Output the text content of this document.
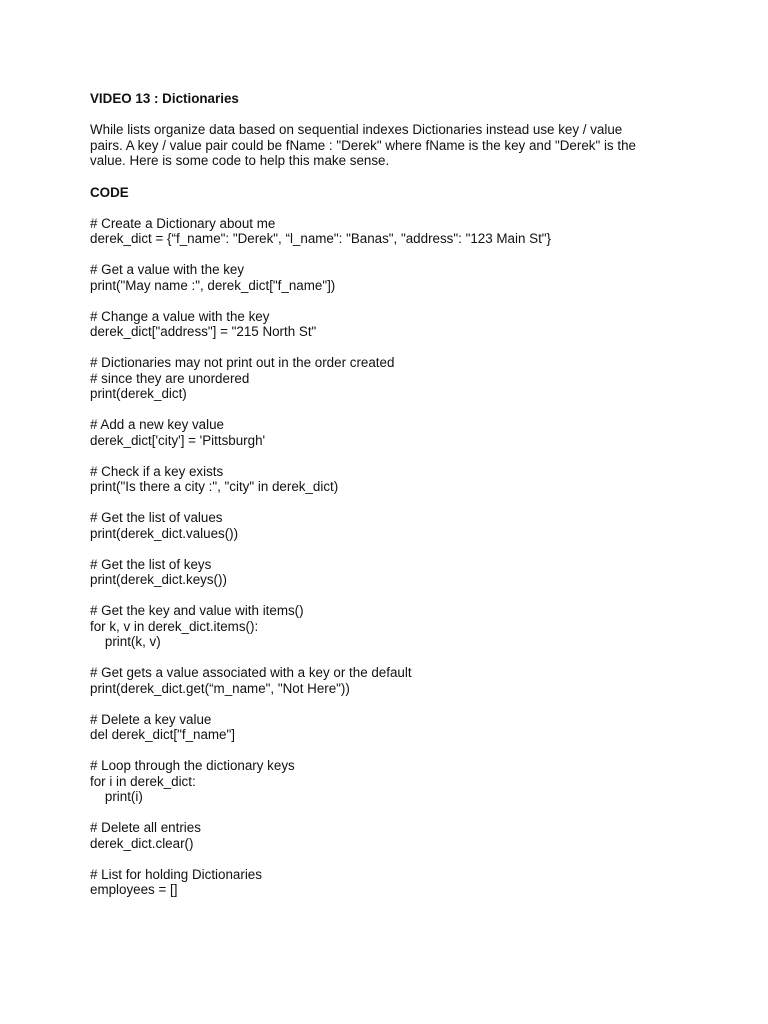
VIDEO 13 : Dictionaries
While lists organize data based on sequential indexes Dictionaries instead use key / value
pairs. A key / value pair could be fName : "Derek" where fName is the key and "Derek" is the
value. Here is some code to help this make sense.
CODE
# Create a Dictionary about me
derek_dict = {“f_name": "Derek", “l_name": "Banas", "address": "123 Main St"}
# Get a value with the key
print("May name :", derek_dict["f_name"])
# Change a value with the key
derek_dict["address"] = "215 North St"
# Dictionaries may not print out in the order created
# since they are unordered
print(derek_dict)
# Add a new key value
derek_dict['city'] = 'Pittsburgh'
# Check if a key exists
print("Is there a city :", "city" in derek_dict)
# Get the list of values
print(derek_dict.values())
# Get the list of keys
print(derek_dict.keys())
# Get the key and value with items()
for k, v in derek_dict.items():
print(k, v)
# Get gets a value associated with a key or the default
print(derek_dict.get(“m_name", "Not Here"))
# Delete a key value
del derek_dict["f_name"]
# Loop through the dictionary keys
for i in derek_dict:
print(i)
# Delete all entries
derek_dict.clear()
# List for holding Dictionaries
employees = []
